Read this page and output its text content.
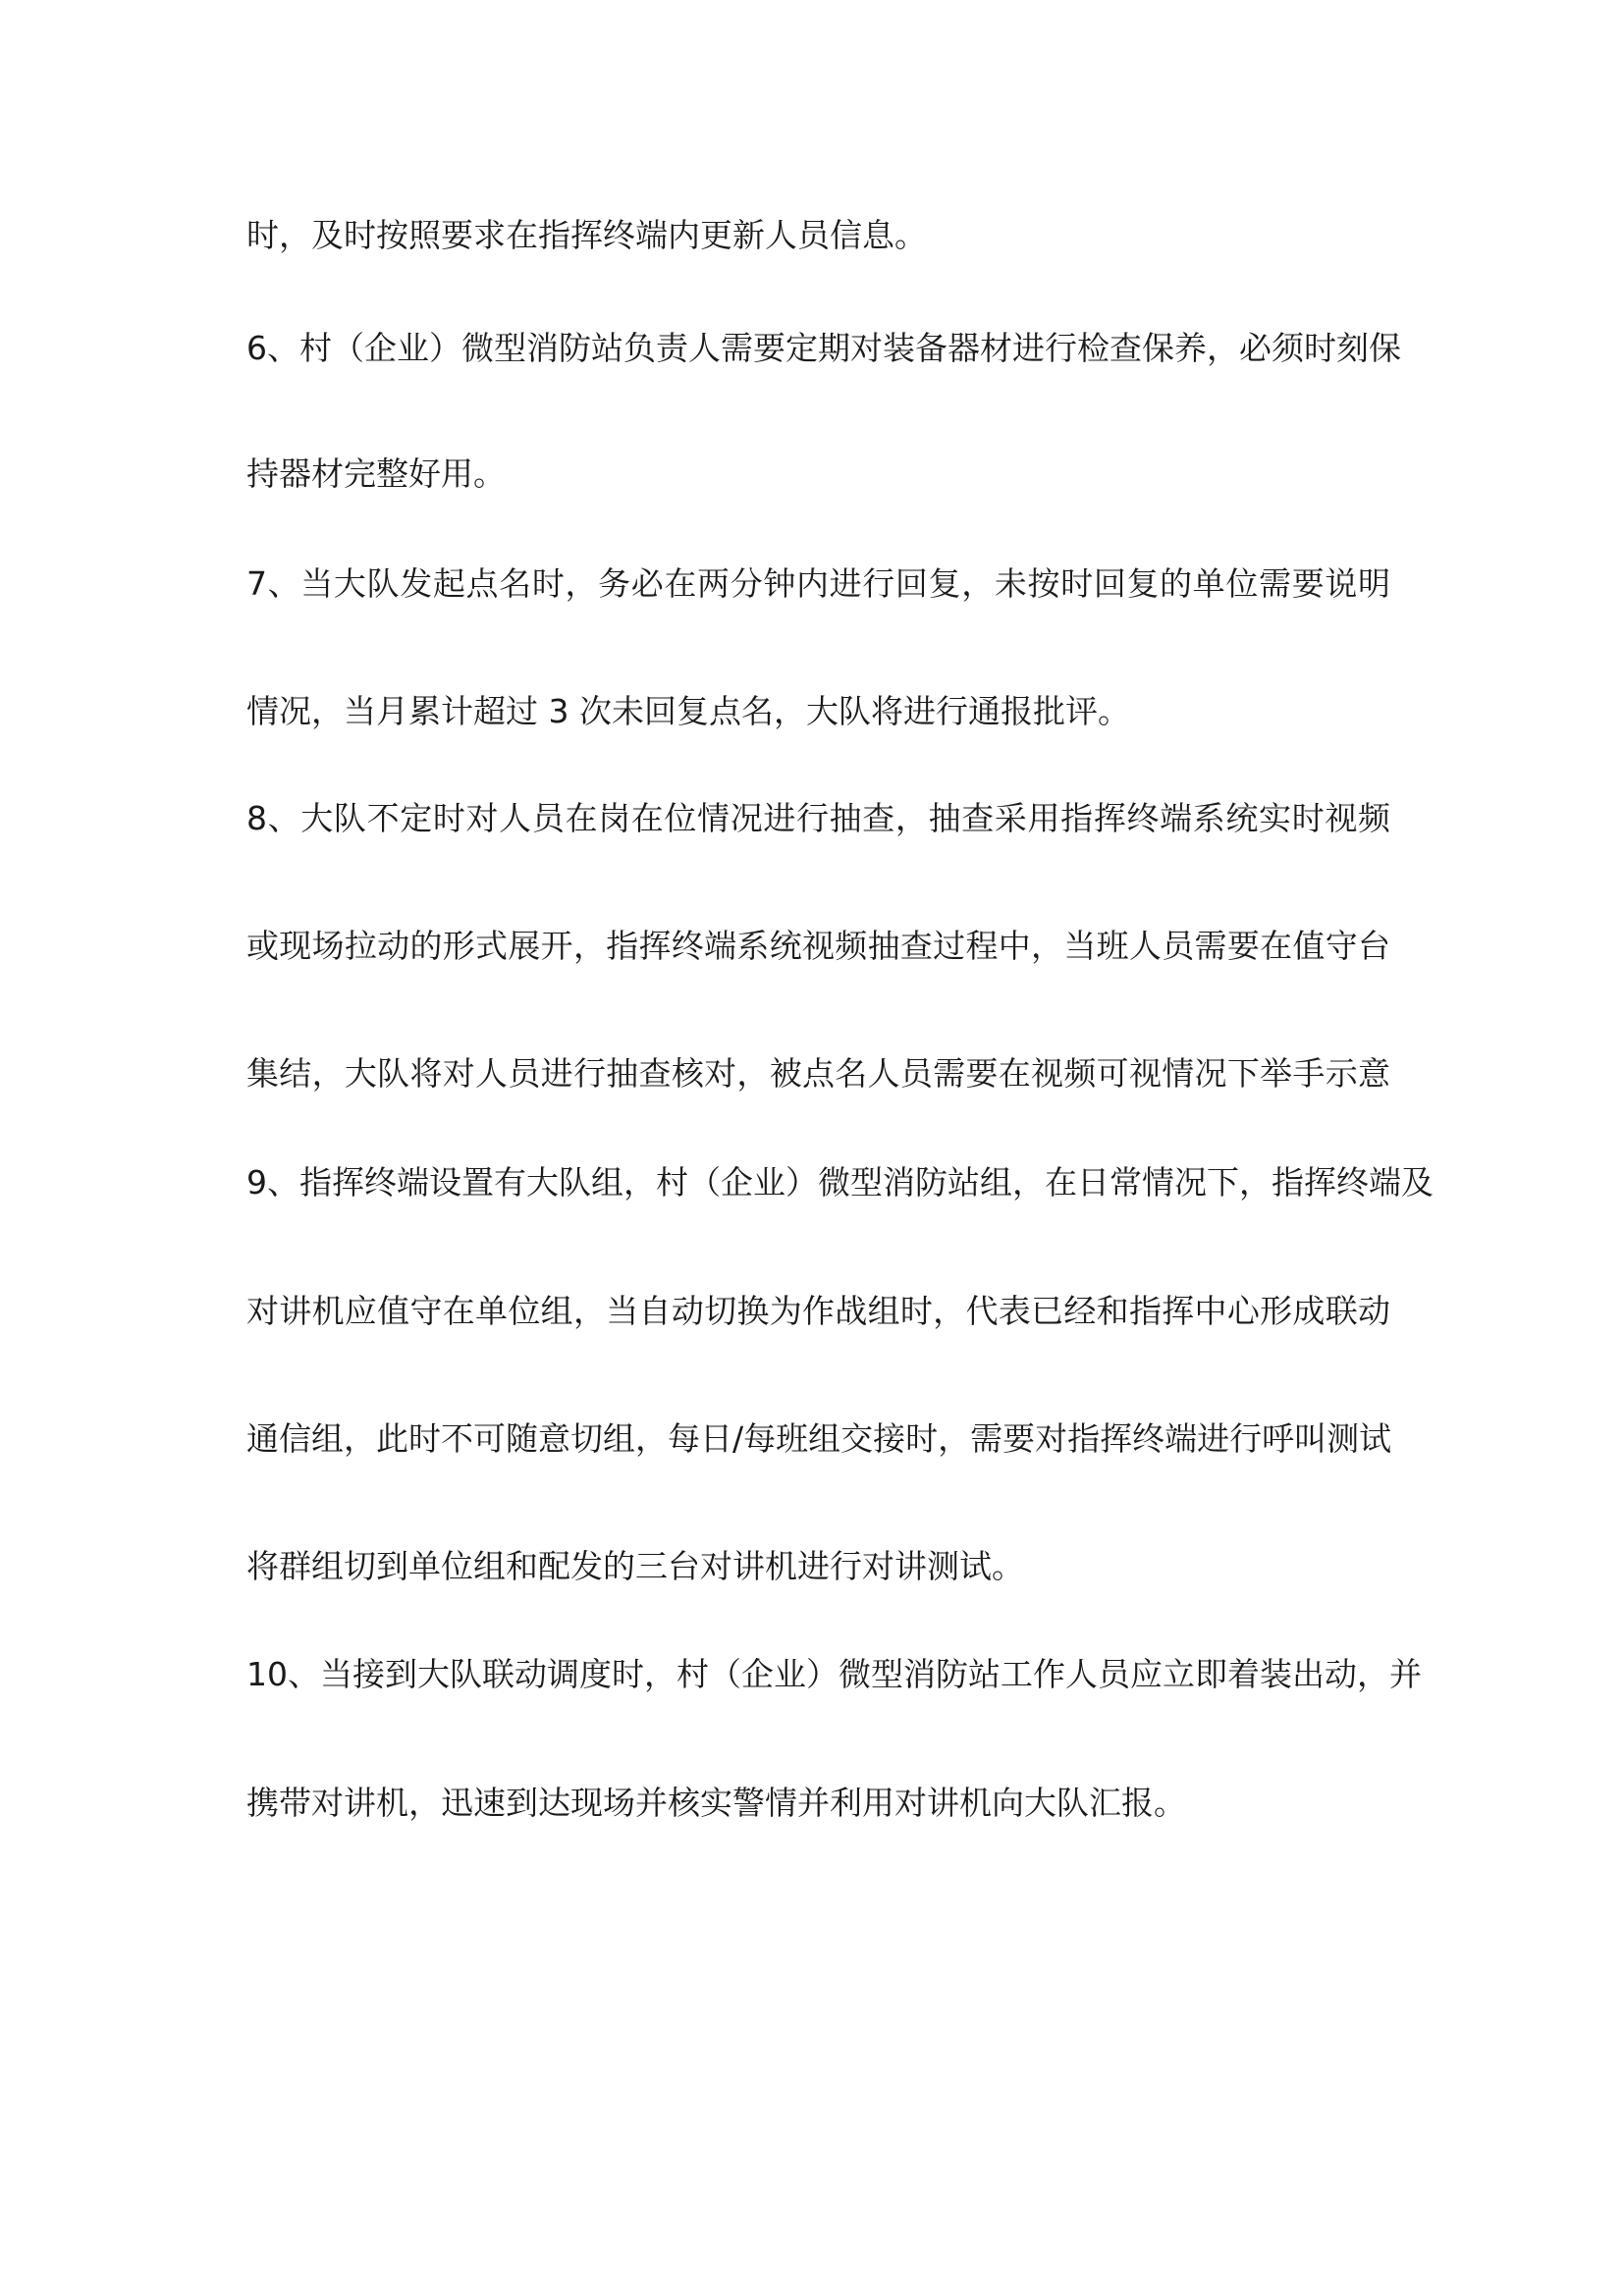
时，及时按照要求在指挥终端内更新人员信息。
6、村（企业）微型消防站负责人需要定期对装备器材进行检查保养，必须时刻保
持器材完整好用。
7、当大队发起点名时，务必在两分钟内进行回复，未按时回复的单位需要说明
情况，当月累计超过 3 次未回复点名，大队将进行通报批评。
8、大队不定时对人员在岗在位情况进行抽查，抽查采用指挥终端系统实时视频
或现场拉动的形式展开，指挥终端系统视频抽查过程中，当班人员需要在值守台
集结，大队将对人员进行抽查核对，被点名人员需要在视频可视情况下举手示意
9、指挥终端设置有大队组，村（企业）微型消防站组，在日常情况下，指挥终端及
对讲机应值守在单位组，当自动切换为作战组时，代表已经和指挥中心形成联动
通信组，此时不可随意切组，每日/每班组交接时，需要对指挥终端进行呼叫测试
将群组切到单位组和配发的三台对讲机进行对讲测试。
10、当接到大队联动调度时，村（企业）微型消防站工作人员应立即着装出动，并
携带对讲机，迅速到达现场并核实警情并利用对讲机向大队汇报。
